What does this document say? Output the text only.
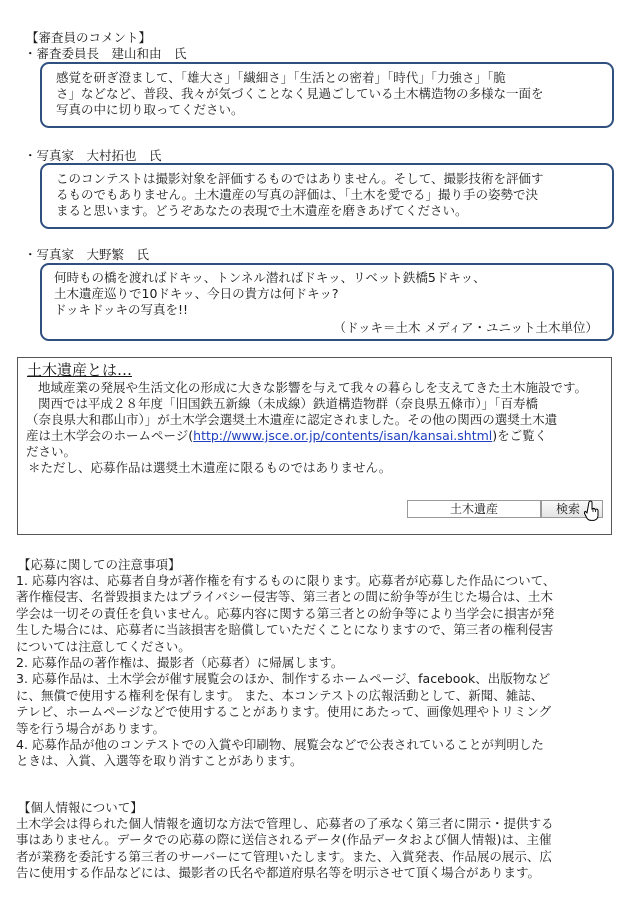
【審査員のコメント】
・審査委員長　建山和由　氏

感覚を研ぎ澄まして、「雄大さ」「繊細さ」「生活との密着」「時代」「力強さ」「脆

さ」などなど、普段、我々が気づくことなく見過ごしている土木構造物の多様な一面を

写真の中に切り取ってください。

・写真家　大村拓也　氏

このコンテストは撮影対象を評価するものではありません。そして、撮影技術を評価す

るものでもありません。土木遺産の写真の評価は、「土木を愛でる」撮り手の姿勢で決

まると思います。どうぞあなたの表現で土木遺産を磨きあげてください。

・写真家　大野繁　氏

何時もの橋を渡ればドキッ、トンネル潜ればドキッ、リベット鉄橋5ドキッ、

土木遺産巡りで10ドキッ、今日の貴方は何ドキッ?

ドッキドッキの写真を!!

（ドッキ＝土木 メディア・ユニット土木単位）

土木遺産とは…

地域産業の発展や生活文化の形成に大きな影響を与えて我々の暮らしを支えてきた土木施設です。

関西では平成２８年度「旧国鉄五新線（未成線）鉄道構造物群（奈良県五條市）」「百寿橋

（奈良県大和郡山市）」が土木学会選奨土木遺産に認定されました。その他の関西の選奨土木遺

産は土木学会のホームページ(http://www.jsce.or.jp/contents/isan/kansai.shtml)をご覧く

ださい。

＊ただし、応募作品は選奨土木遺産に限るものではありません。

土木遺産	検索
【応募に関しての注意事項】

1. 応募内容は、応募者自身が著作権を有するものに限ります。応募者が応募した作品について、

著作権侵害、名誉毀損またはプライバシー侵害等、第三者との間に紛争等が生じた場合は、土木

学会は一切その責任を負いません。応募内容に関する第三者との紛争等により当学会に損害が発

生した場合には、応募者に当該損害を賠償していただくことになりますので、第三者の権利侵害

については注意してください。

2. 応募作品の著作権は、撮影者（応募者）に帰属します。

3. 応募作品は、土木学会が催す展覧会のほか、制作するホームページ、facebook、出版物など

に、無償で使用する権利を保有します。 また、本コンテストの広報活動として、新聞、雑誌、

テレビ、ホームページなどで使用することがあります。使用にあたって、画像処理やトリミング

等を行う場合があります。

4. 応募作品が他のコンテストでの入賞や印刷物、展覧会などで公表されていることが判明した

ときは、入賞、入選等を取り消すことがあります。

【個人情報について】

土木学会は得られた個人情報を適切な方法で管理し、応募者の了承なく第三者に開示・提供する

事はありません。データでの応募の際に送信されるデータ(作品データおよび個人情報)は、主催

者が業務を委託する第三者のサーバーにて管理いたします。また、入賞発表、作品展の展示、広

告に使用する作品などには、撮影者の氏名や都道府県名等を明示させて頂く場合があります。
